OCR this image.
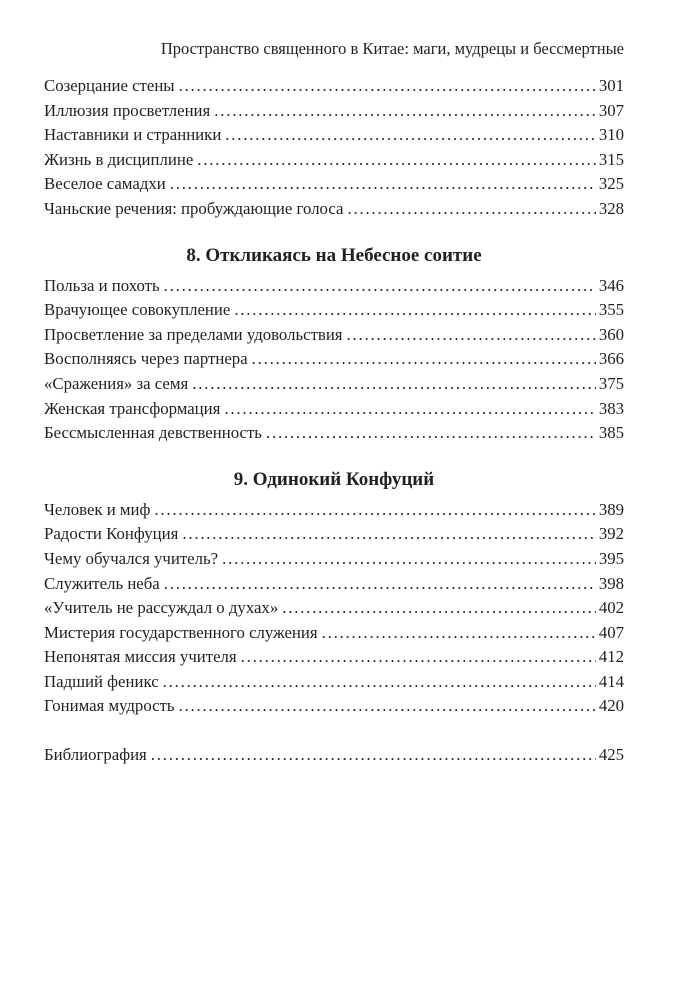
Пространство священного в Китае: маги, мудрецы и бессмертные
Созерцание стены . . .	301
Иллюзия просветления . . .	307
Наставники и странники . . .	310
Жизнь в дисциплине . . .	315
Веселое самадхи . . .	325
Чаньские речения: пробуждающие голоса . . .	328
8. Откликаясь на Небесное соитие
Польза и похоть . . .	346
Врачующее совокупление . . .	355
Просветление за пределами удовольствия . . .	360
Восполняясь через партнера . . .	366
«Сражения» за семя . . .	375
Женская трансформация . . .	383
Бессмысленная девственность . . .	385
9. Одинокий Конфуций
Человек и миф . . .	389
Радости Конфуция . . .	392
Чему обучался учитель? . . .	395
Служитель неба . . .	398
«Учитель не рассуждал о духах» . . .	402
Мистерия государственного служения . . .	407
Непонятая миссия учителя . . .	412
Падший феникс . . .	414
Гонимая мудрость . . .	420
Библиография . . .	425
